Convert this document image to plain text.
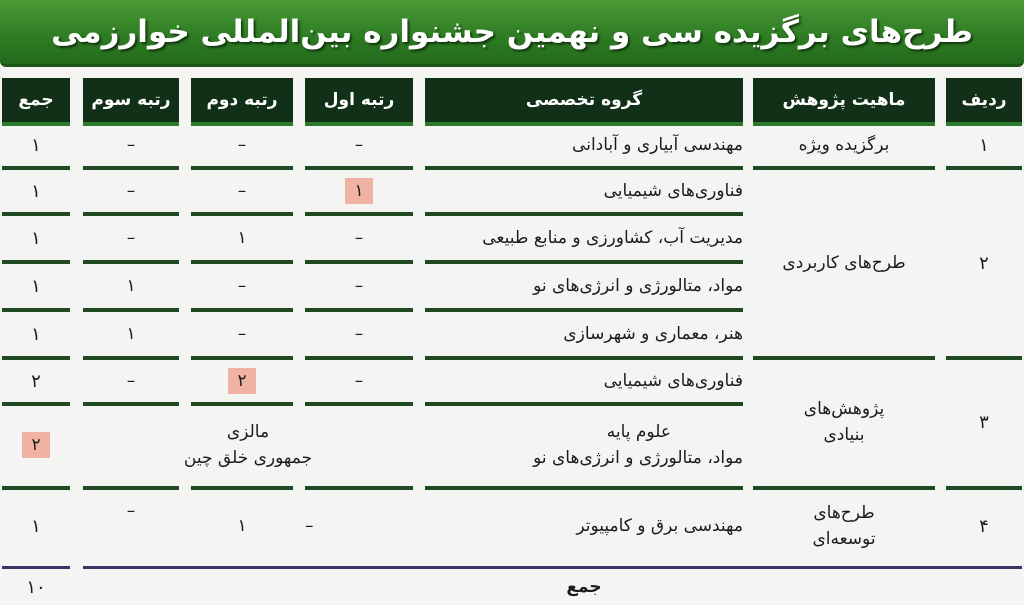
طرح‌های برگزیده سی و نهمین جشنواره بین‌المللی خوارزمی
ردیف
ماهیت پژوهش
گروه تخصصی
رتبه اول
رتبه دوم
رتبه سوم
جمع
۱
برگزیده ویژه
مهندسی آبیاری و آبادانی
–
–
–
۱
فناوری‌های شیمیایی
۱
–
–
۱
۲
طرح‌های کاربردی
مدیریت آب، کشاورزی و منابع طبیعی
–
۱
–
۱
مواد، متالورژی و انرژی‌های نو
–
–
۱
۱
هنر، معماری و شهرسازی
–
–
۱
۱
۳
پژوهش‌های
بنیادی
فناوری‌های شیمیایی
–
۲
–
۲
علوم پایه
مواد، متالورژی و انرژی‌های نو
مالزی
جمهوری خلق چین
۲
۴
طرح‌های
توسعه‌ای
مهندسی برق و کامپیوتر
–
۱
–
۱
جمع
۱۰
